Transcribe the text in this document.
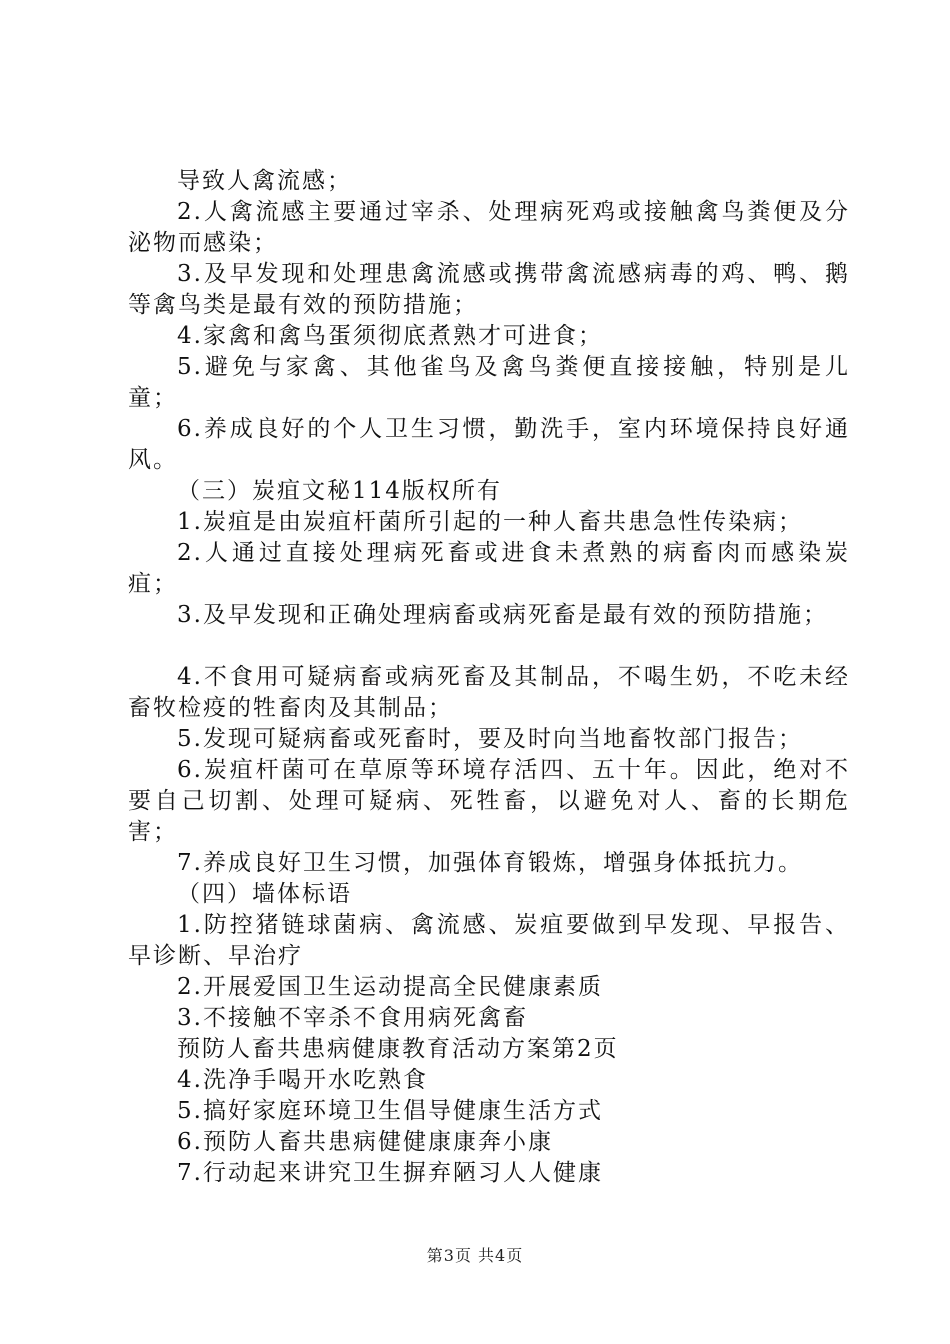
导致人禽流感；

2.人禽流感主要通过宰杀、处理病死鸡或接触禽鸟粪便及分泌物而感染；

3.及早发现和处理患禽流感或携带禽流感病毒的鸡、鸭、鹅等禽鸟类是最有效的预防措施；

4.家禽和禽鸟蛋须彻底煮熟才可进食；

5.避免与家禽、其他雀鸟及禽鸟粪便直接接触，特别是儿童；

6.养成良好的个人卫生习惯，勤洗手，室内环境保持良好通风。

（三）炭疽文秘114版权所有

1.炭疽是由炭疽杆菌所引起的一种人畜共患急性传染病；

2.人通过直接处理病死畜或进食未煮熟的病畜肉而感染炭疽；

3.及早发现和正确处理病畜或病死畜是最有效的预防措施；

4.不食用可疑病畜或病死畜及其制品，不喝生奶，不吃未经畜牧检疫的牲畜肉及其制品；

5.发现可疑病畜或死畜时，要及时向当地畜牧部门报告；

6.炭疽杆菌可在草原等环境存活四、五十年。因此，绝对不要自己切割、处理可疑病、死牲畜，以避免对人、畜的长期危害；

7.养成良好卫生习惯，加强体育锻炼，增强身体抵抗力。

（四）墙体标语

1.防控猪链球菌病、禽流感、炭疽要做到早发现、早报告、早诊断、早治疗

2.开展爱国卫生运动提高全民健康素质

3.不接触不宰杀不食用病死禽畜

预防人畜共患病健康教育活动方案第2页

4.洗净手喝开水吃熟食

5.搞好家庭环境卫生倡导健康生活方式

6.预防人畜共患病健健康康奔小康

7.行动起来讲究卫生摒弃陋习人人健康

第3页 共4页
